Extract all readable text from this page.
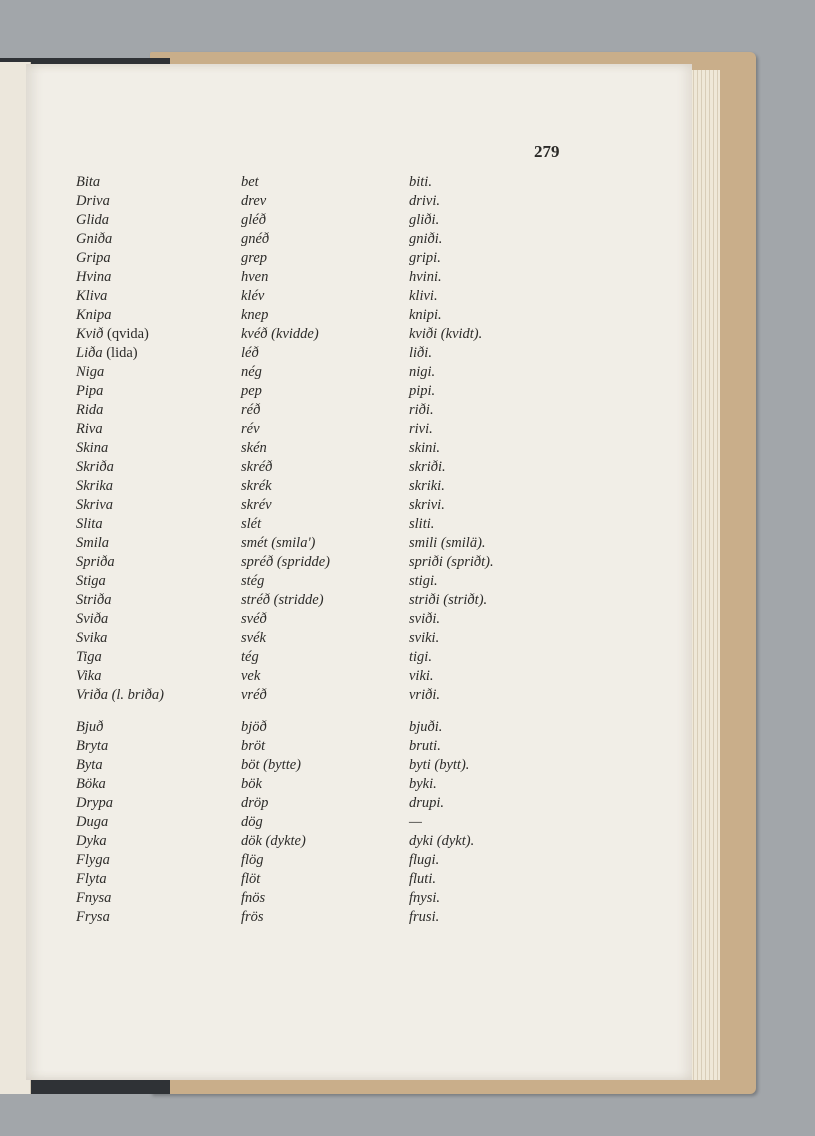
279
Bita	bet	biti.
Driva	drev	drivi.
Glida	gléð	gliði.
Gniða	gnéð	gniði.
Gripa	grep	gripi.
Hvina	hven	hvini.
Kliva	klév	klivi.
Knipa	knep	knipi.
Kvið (qvida)	kvéð (kvidde)	kviði (kvidt).
Liða (lida)	léð	liði.
Niga	nég	nigi.
Pipa	pep	pipi.
Rida	réð	riði.
Riva	rév	rivi.
Skina	skén	skini.
Skriða	skréð	skriði.
Skrika	skrék	skriki.
Skriva	skrév	skrivi.
Slita	slét	sliti.
Smila	smét (smila')	smili (smilä).
Spriða	spréð (spridde)	spriði (spriðt).
Stiga	stég	stigi.
Striða	stréð (stridde)	striði (striðt).
Sviða	svéð	sviði.
Svika	svék	sviki.
Tiga	tég	tigi.
Vika	vek	viki.
Vriða (l. briða)	vréð	vriði.
Bjuð	bjöð	bjuði.
Bryta	bröt	bruti.
Byta	böt (bytte)	byti (bytt).
Böka	bök	byki.
Drypa	dröp	drupi.
Duga	dög	—
Dyka	dök (dykte)	dyki (dykt).
Flyga	flög	flugi.
Flyta	flöt	fluti.
Fnysa	fnös	fnysi.
Frysa	frös	frusi.
